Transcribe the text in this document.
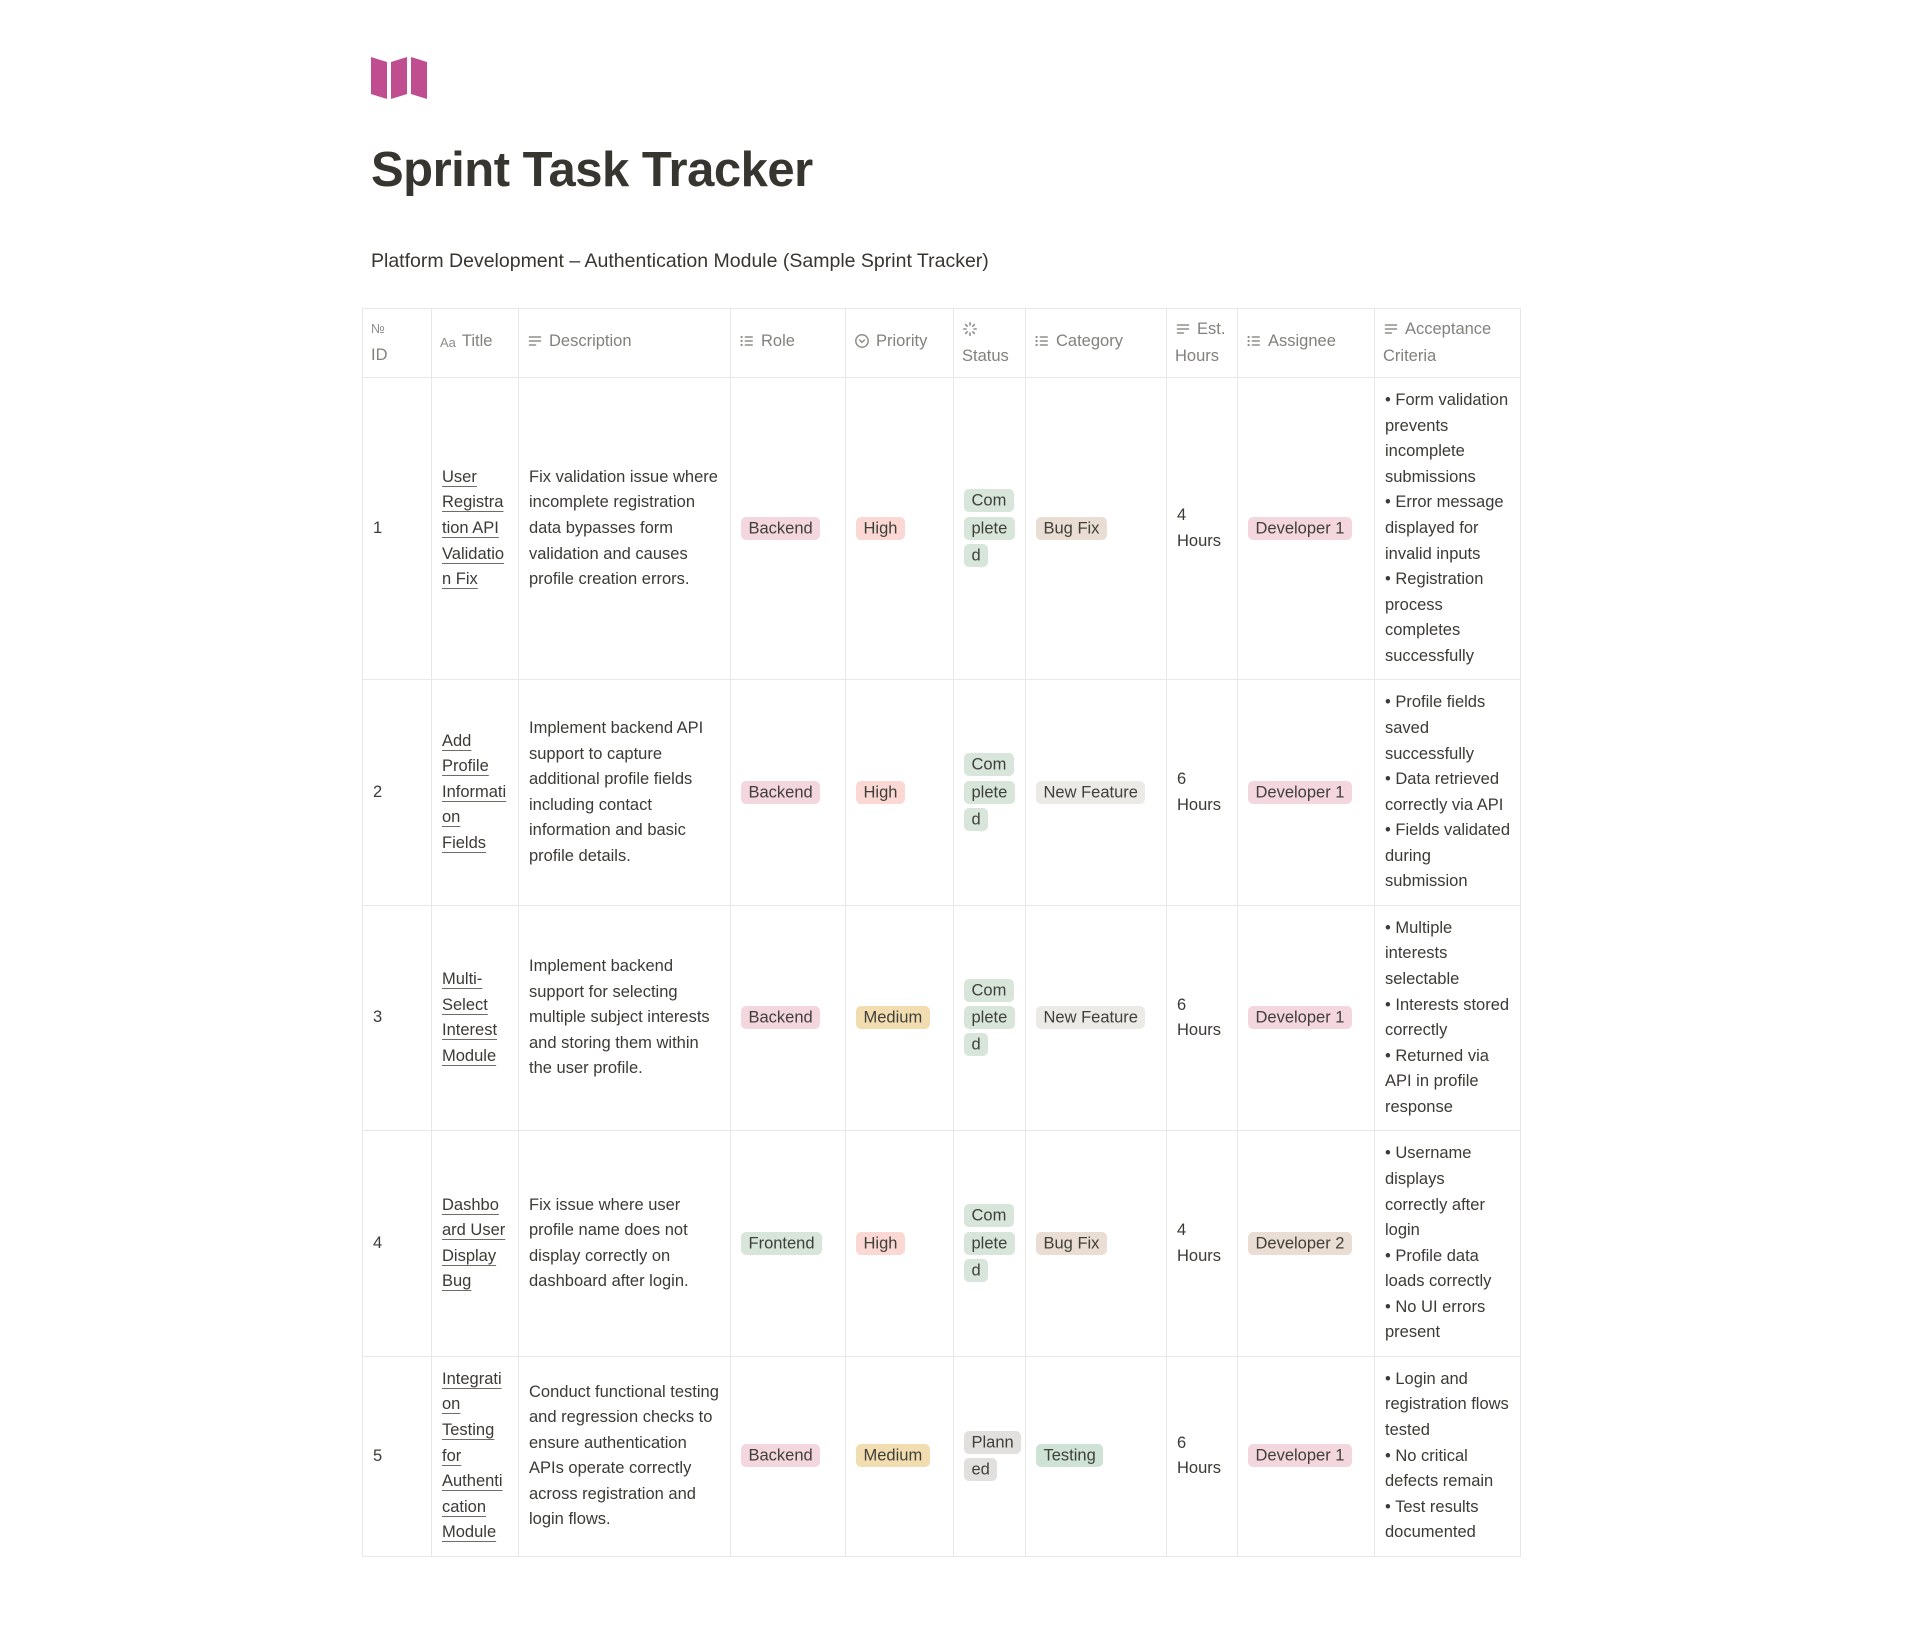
Sprint Task Tracker

Platform Development – Authentication Module (Sample Sprint Tracker)

№
ID	Aa Title	Description	Role	Priority	Status	Category	Est. Hours	Assignee	Acceptance Criteria
1	User Registration API Validation Fix	Fix validation issue where incomplete registration data bypasses form validation and causes profile creation errors.	Backend	High	Completed	Bug Fix	4 Hours	Developer 1	• Form validation prevents incomplete submissions
• Error message displayed for invalid inputs
• Registration process completes successfully

2	Add Profile Information Fields	Implement backend API support to capture additional profile fields including contact information and basic profile details.	Backend	High	Completed	New Feature	6 Hours	Developer 1	• Profile fields saved successfully
• Data retrieved correctly via API
• Fields validated during submission

3	Multi-Select Interest Module	Implement backend support for selecting multiple subject interests and storing them within the user profile.	Backend	Medium	Completed	New Feature	6 Hours	Developer 1	• Multiple interests selectable
• Interests stored correctly
• Returned via API in profile response

4	Dashboard User Display Bug	Fix issue where user profile name does not display correctly on dashboard after login.	Frontend	High	Completed	Bug Fix	4 Hours	Developer 2	• Username displays correctly after login
• Profile data loads correctly
• No UI errors present

5	Integration Testing for Authentication Module	Conduct functional testing and regression checks to ensure authentication APIs operate correctly across registration and login flows.	Backend	Medium	Planned	Testing	6 Hours	Developer 1	• Login and registration flows tested
• No critical defects remain
• Test results documented
